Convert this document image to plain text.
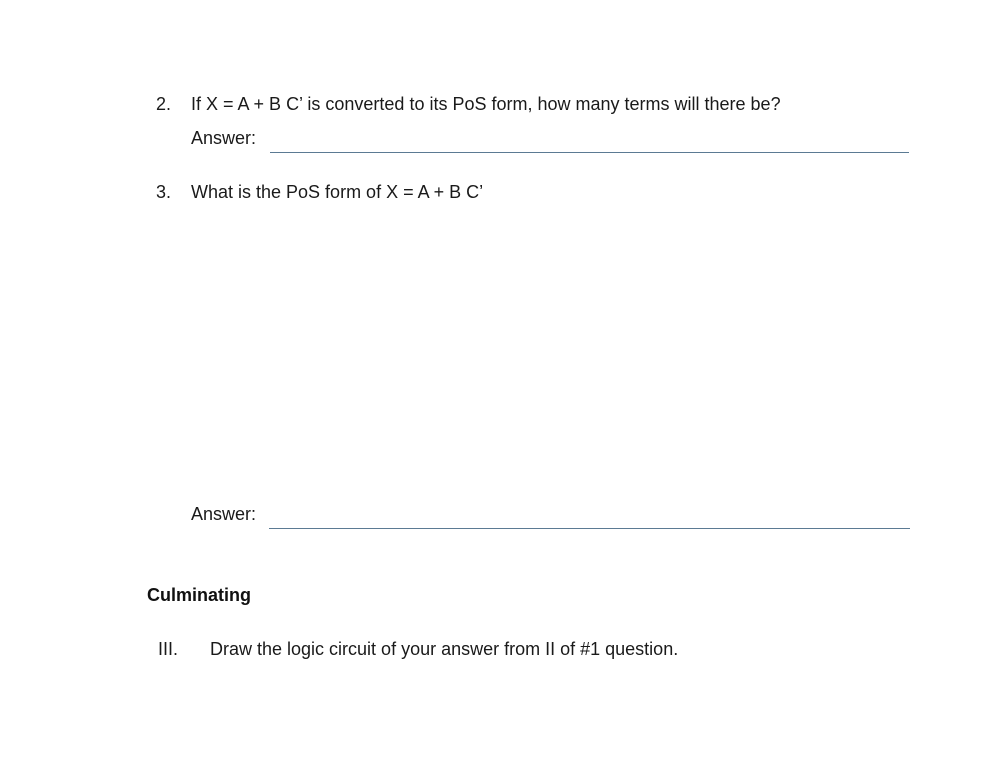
2. If X = A + B C’ is converted to its PoS form, how many terms will there be?
Answer:
3. What is the PoS form of X = A + B C’
Answer:
Culminating
III. Draw the logic circuit of your answer from II of #1 question.
